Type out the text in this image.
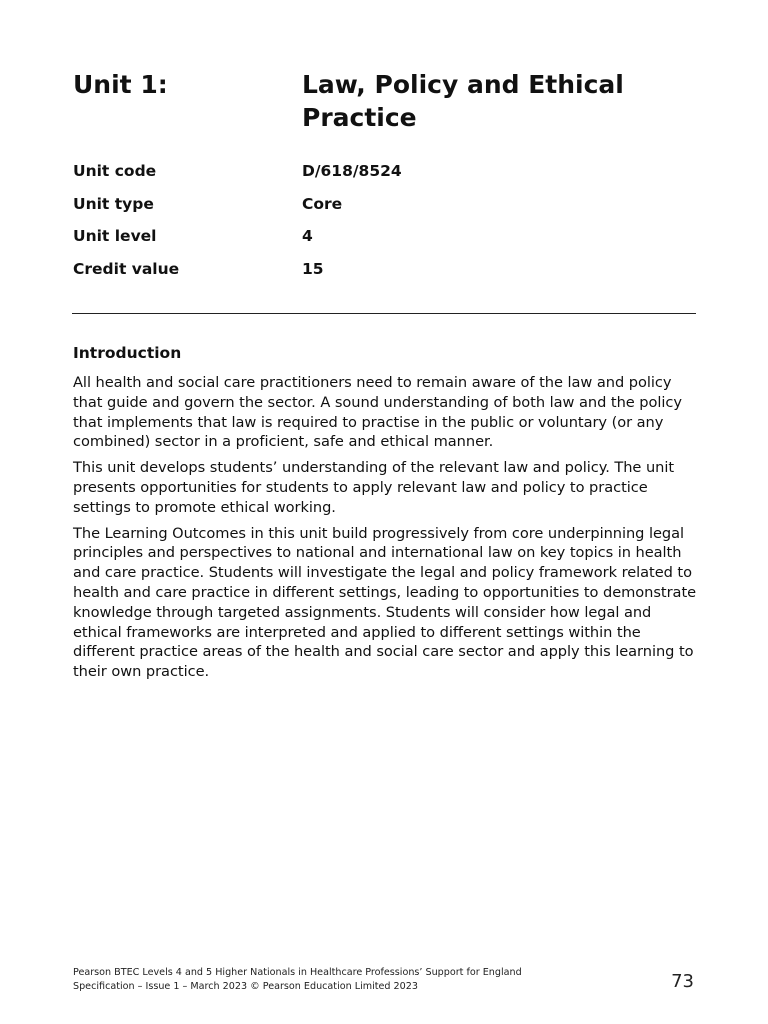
Unit 1:	Law, Policy and Ethical Practice
Unit code	D/618/8524
Unit type	Core
Unit level	4
Credit value	15
Introduction

All health and social care practitioners need to remain aware of the law and policy that guide and govern the sector. A sound understanding of both law and the policy that implements that law is required to practise in the public or voluntary (or any combined) sector in a proficient, safe and ethical manner.

This unit develops students’ understanding of the relevant law and policy. The unit presents opportunities for students to apply relevant law and policy to practice settings to promote ethical working.

The Learning Outcomes in this unit build progressively from core underpinning legal principles and perspectives to national and international law on key topics in health and care practice. Students will investigate the legal and policy framework related to health and care practice in different settings, leading to opportunities to demonstrate knowledge through targeted assignments. Students will consider how legal and ethical frameworks are interpreted and applied to different settings within the different practice areas of the health and social care sector and apply this learning to their own practice.

Pearson BTEC Levels 4 and 5 Higher Nationals in Healthcare Professions’ Support for England
Specification – Issue 1 – March 2023 © Pearson Education Limited 2023	73
